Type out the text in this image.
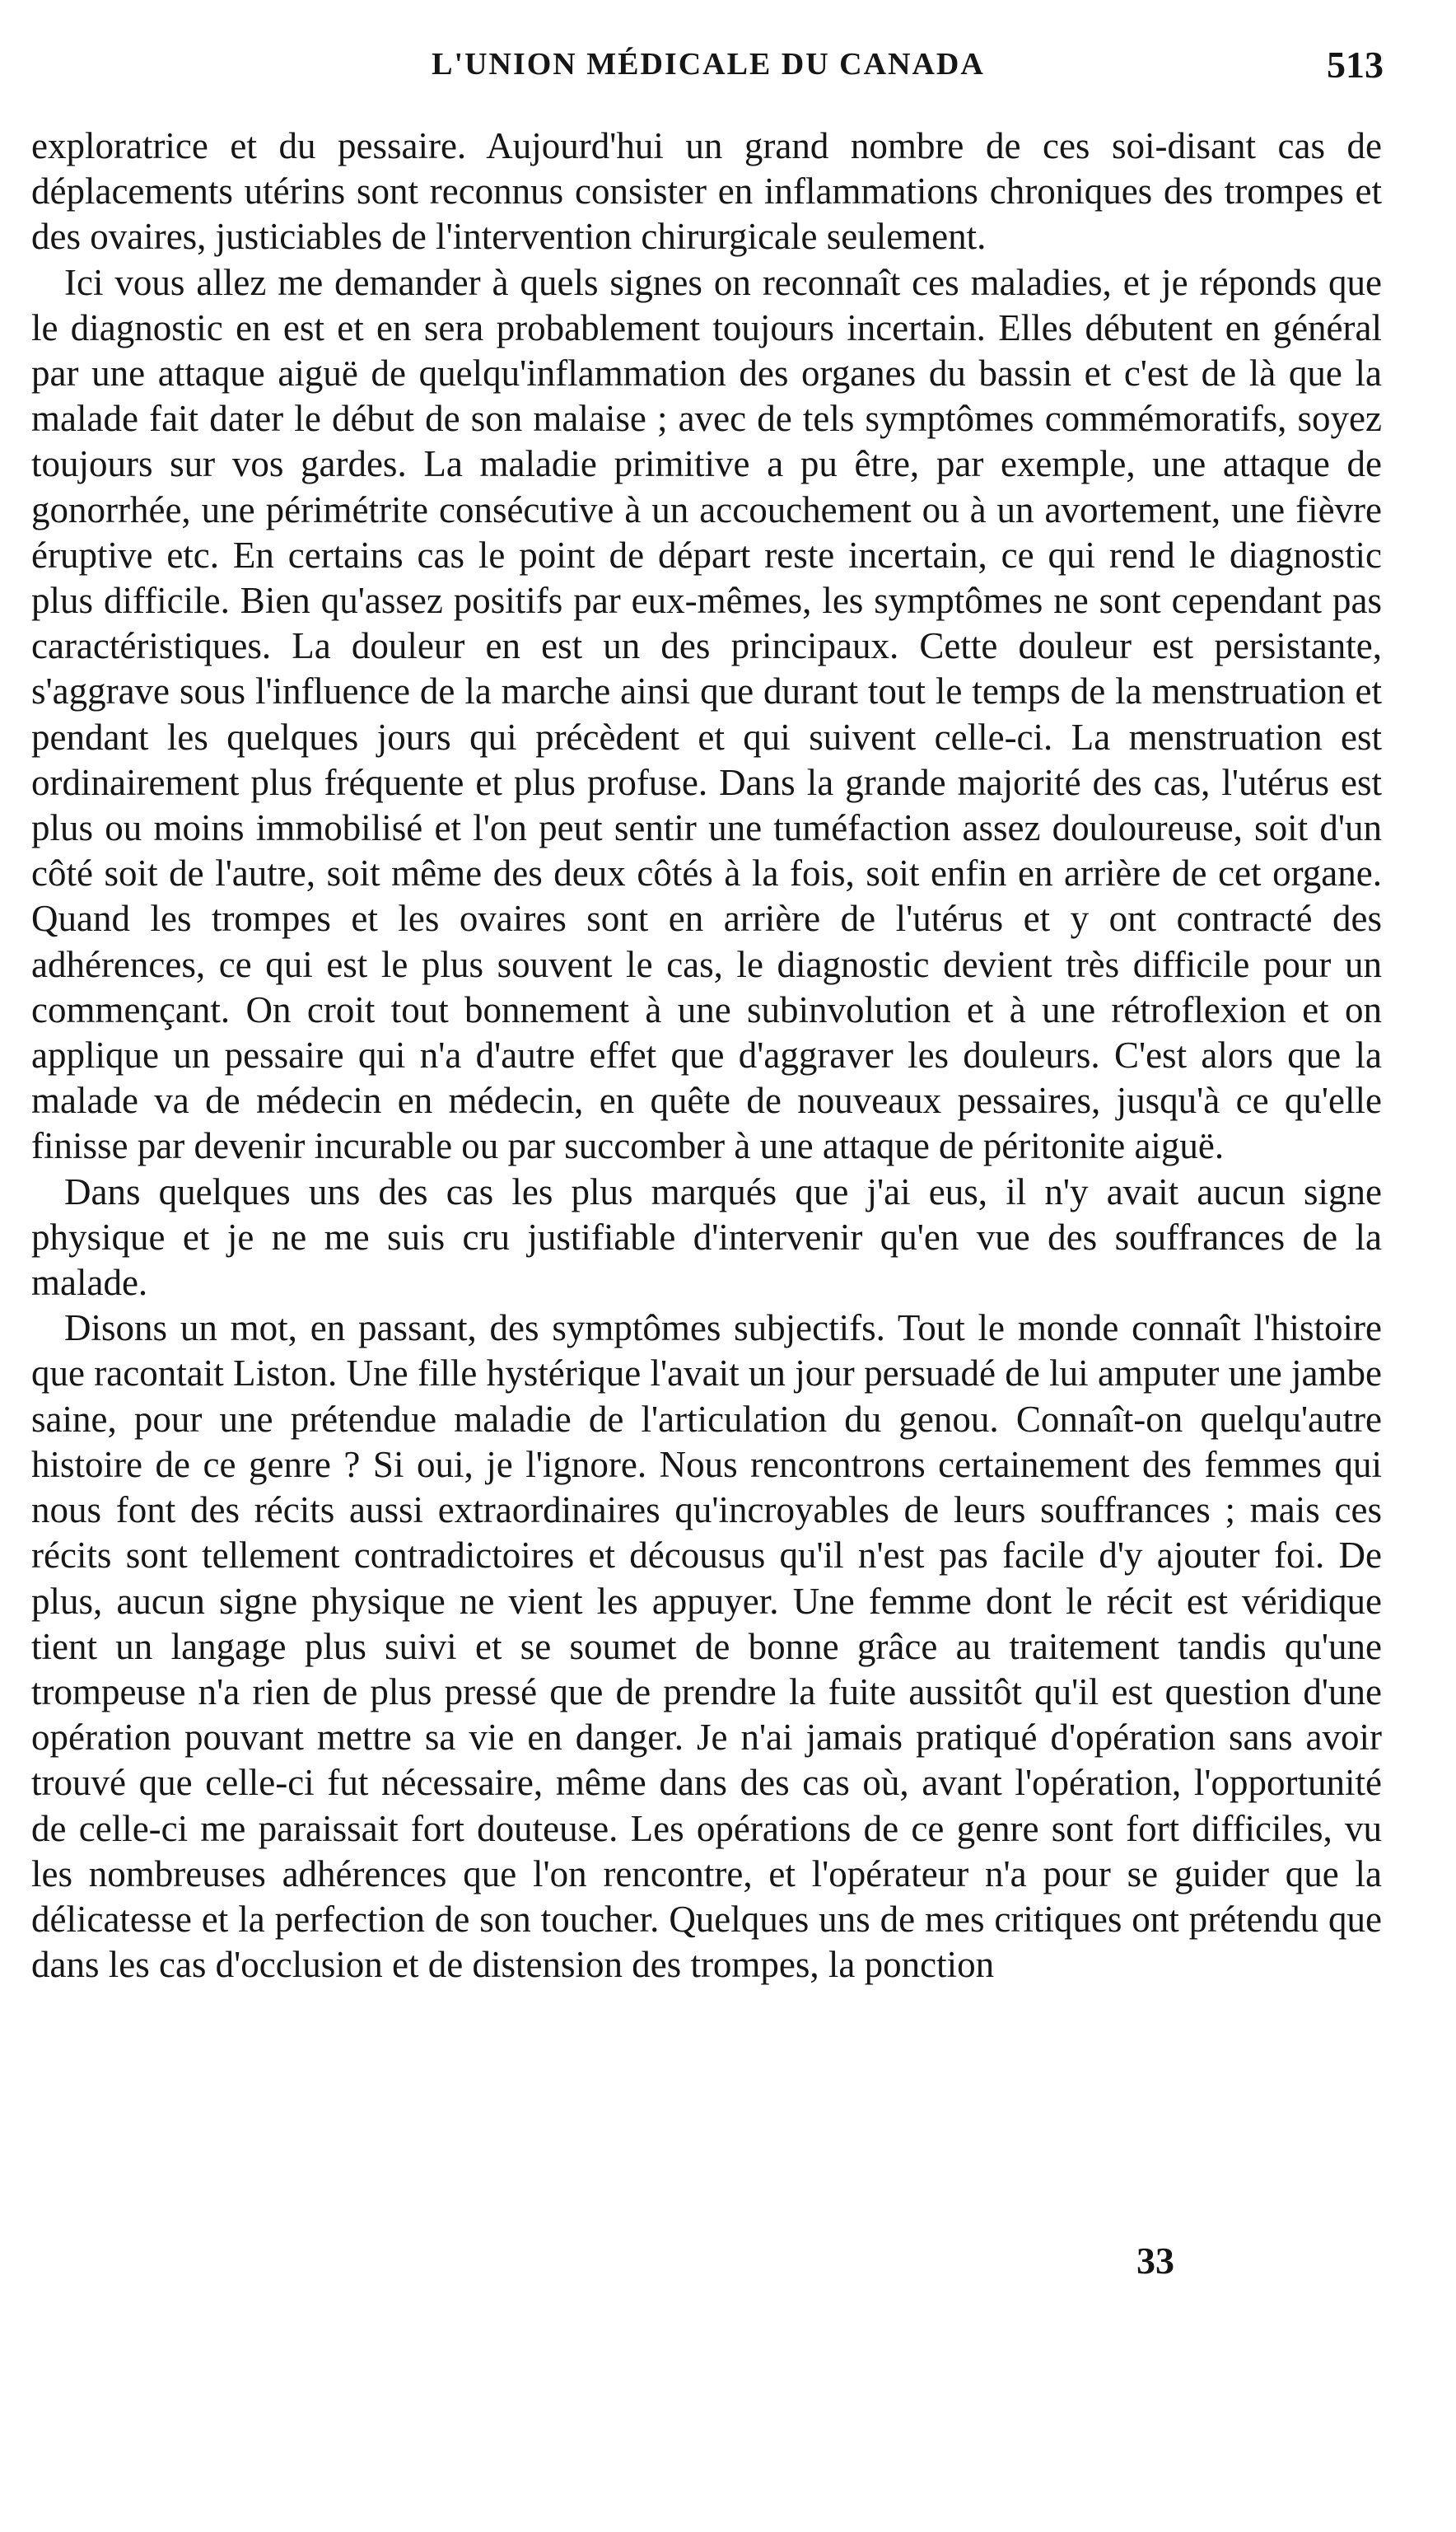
L'UNION MÉDICALE DU CANADA	513

exploratrice et du pessaire. Aujourd'hui un grand nombre de ces soi-disant cas de déplacements utérins sont reconnus consister en inflammations chroniques des trompes et des ovaires, justiciables de l'intervention chirurgicale seulement.

Ici vous allez me demander à quels signes on reconnaît ces maladies, et je réponds que le diagnostic en est et en sera probablement toujours incertain. Elles débutent en général par une attaque aiguë de quelqu'inflammation des organes du bassin et c'est de là que la malade fait dater le début de son malaise ; avec de tels symptômes commémoratifs, soyez toujours sur vos gardes. La maladie primitive a pu être, par exemple, une attaque de gonorrhée, une périmétrite consécutive à un accouchement ou à un avortement, une fièvre éruptive etc. En certains cas le point de départ reste incertain, ce qui rend le diagnostic plus difficile. Bien qu'assez positifs par eux-mêmes, les symptômes ne sont cependant pas caractéristiques. La douleur en est un des principaux. Cette douleur est persistante, s'aggrave sous l'influence de la marche ainsi que durant tout le temps de la menstruation et pendant les quelques jours qui précèdent et qui suivent celle-ci. La menstruation est ordinairement plus fréquente et plus profuse. Dans la grande majorité des cas, l'utérus est plus ou moins immobilisé et l'on peut sentir une tuméfaction assez douloureuse, soit d'un côté soit de l'autre, soit même des deux côtés à la fois, soit enfin en arrière de cet organe. Quand les trompes et les ovaires sont en arrière de l'utérus et y ont contracté des adhérences, ce qui est le plus souvent le cas, le diagnostic devient très difficile pour un commençant. On croit tout bonnement à une subinvolution et à une rétroflexion et on applique un pessaire qui n'a d'autre effet que d'aggraver les douleurs. C'est alors que la malade va de médecin en médecin, en quête de nouveaux pessaires, jusqu'à ce qu'elle finisse par devenir incurable ou par succomber à une attaque de péritonite aiguë.

Dans quelques uns des cas les plus marqués que j'ai eus, il n'y avait aucun signe physique et je ne me suis cru justifiable d'intervenir qu'en vue des souffrances de la malade.

Disons un mot, en passant, des symptômes subjectifs. Tout le monde connaît l'histoire que racontait Liston. Une fille hystérique l'avait un jour persuadé de lui amputer une jambe saine, pour une prétendue maladie de l'articulation du genou. Connaît-on quelqu'autre histoire de ce genre ? Si oui, je l'ignore. Nous rencontrons certainement des femmes qui nous font des récits aussi extraordinaires qu'incroyables de leurs souffrances ; mais ces récits sont tellement contradictoires et décousus qu'il n'est pas facile d'y ajouter foi. De plus, aucun signe physique ne vient les appuyer. Une femme dont le récit est véridique tient un langage plus suivi et se soumet de bonne grâce au traitement tandis qu'une trompeuse n'a rien de plus pressé que de prendre la fuite aussitôt qu'il est question d'une opération pouvant mettre sa vie en danger. Je n'ai jamais pratiqué d'opération sans avoir trouvé que celle-ci fut nécessaire, même dans des cas où, avant l'opération, l'opportunité de celle-ci me paraissait fort douteuse. Les opérations de ce genre sont fort difficiles, vu les nombreuses adhérences que l'on rencontre, et l'opérateur n'a pour se guider que la délicatesse et la perfection de son toucher. Quelques uns de mes critiques ont prétendu que dans les cas d'occlusion et de distension des trompes, la ponction

33
